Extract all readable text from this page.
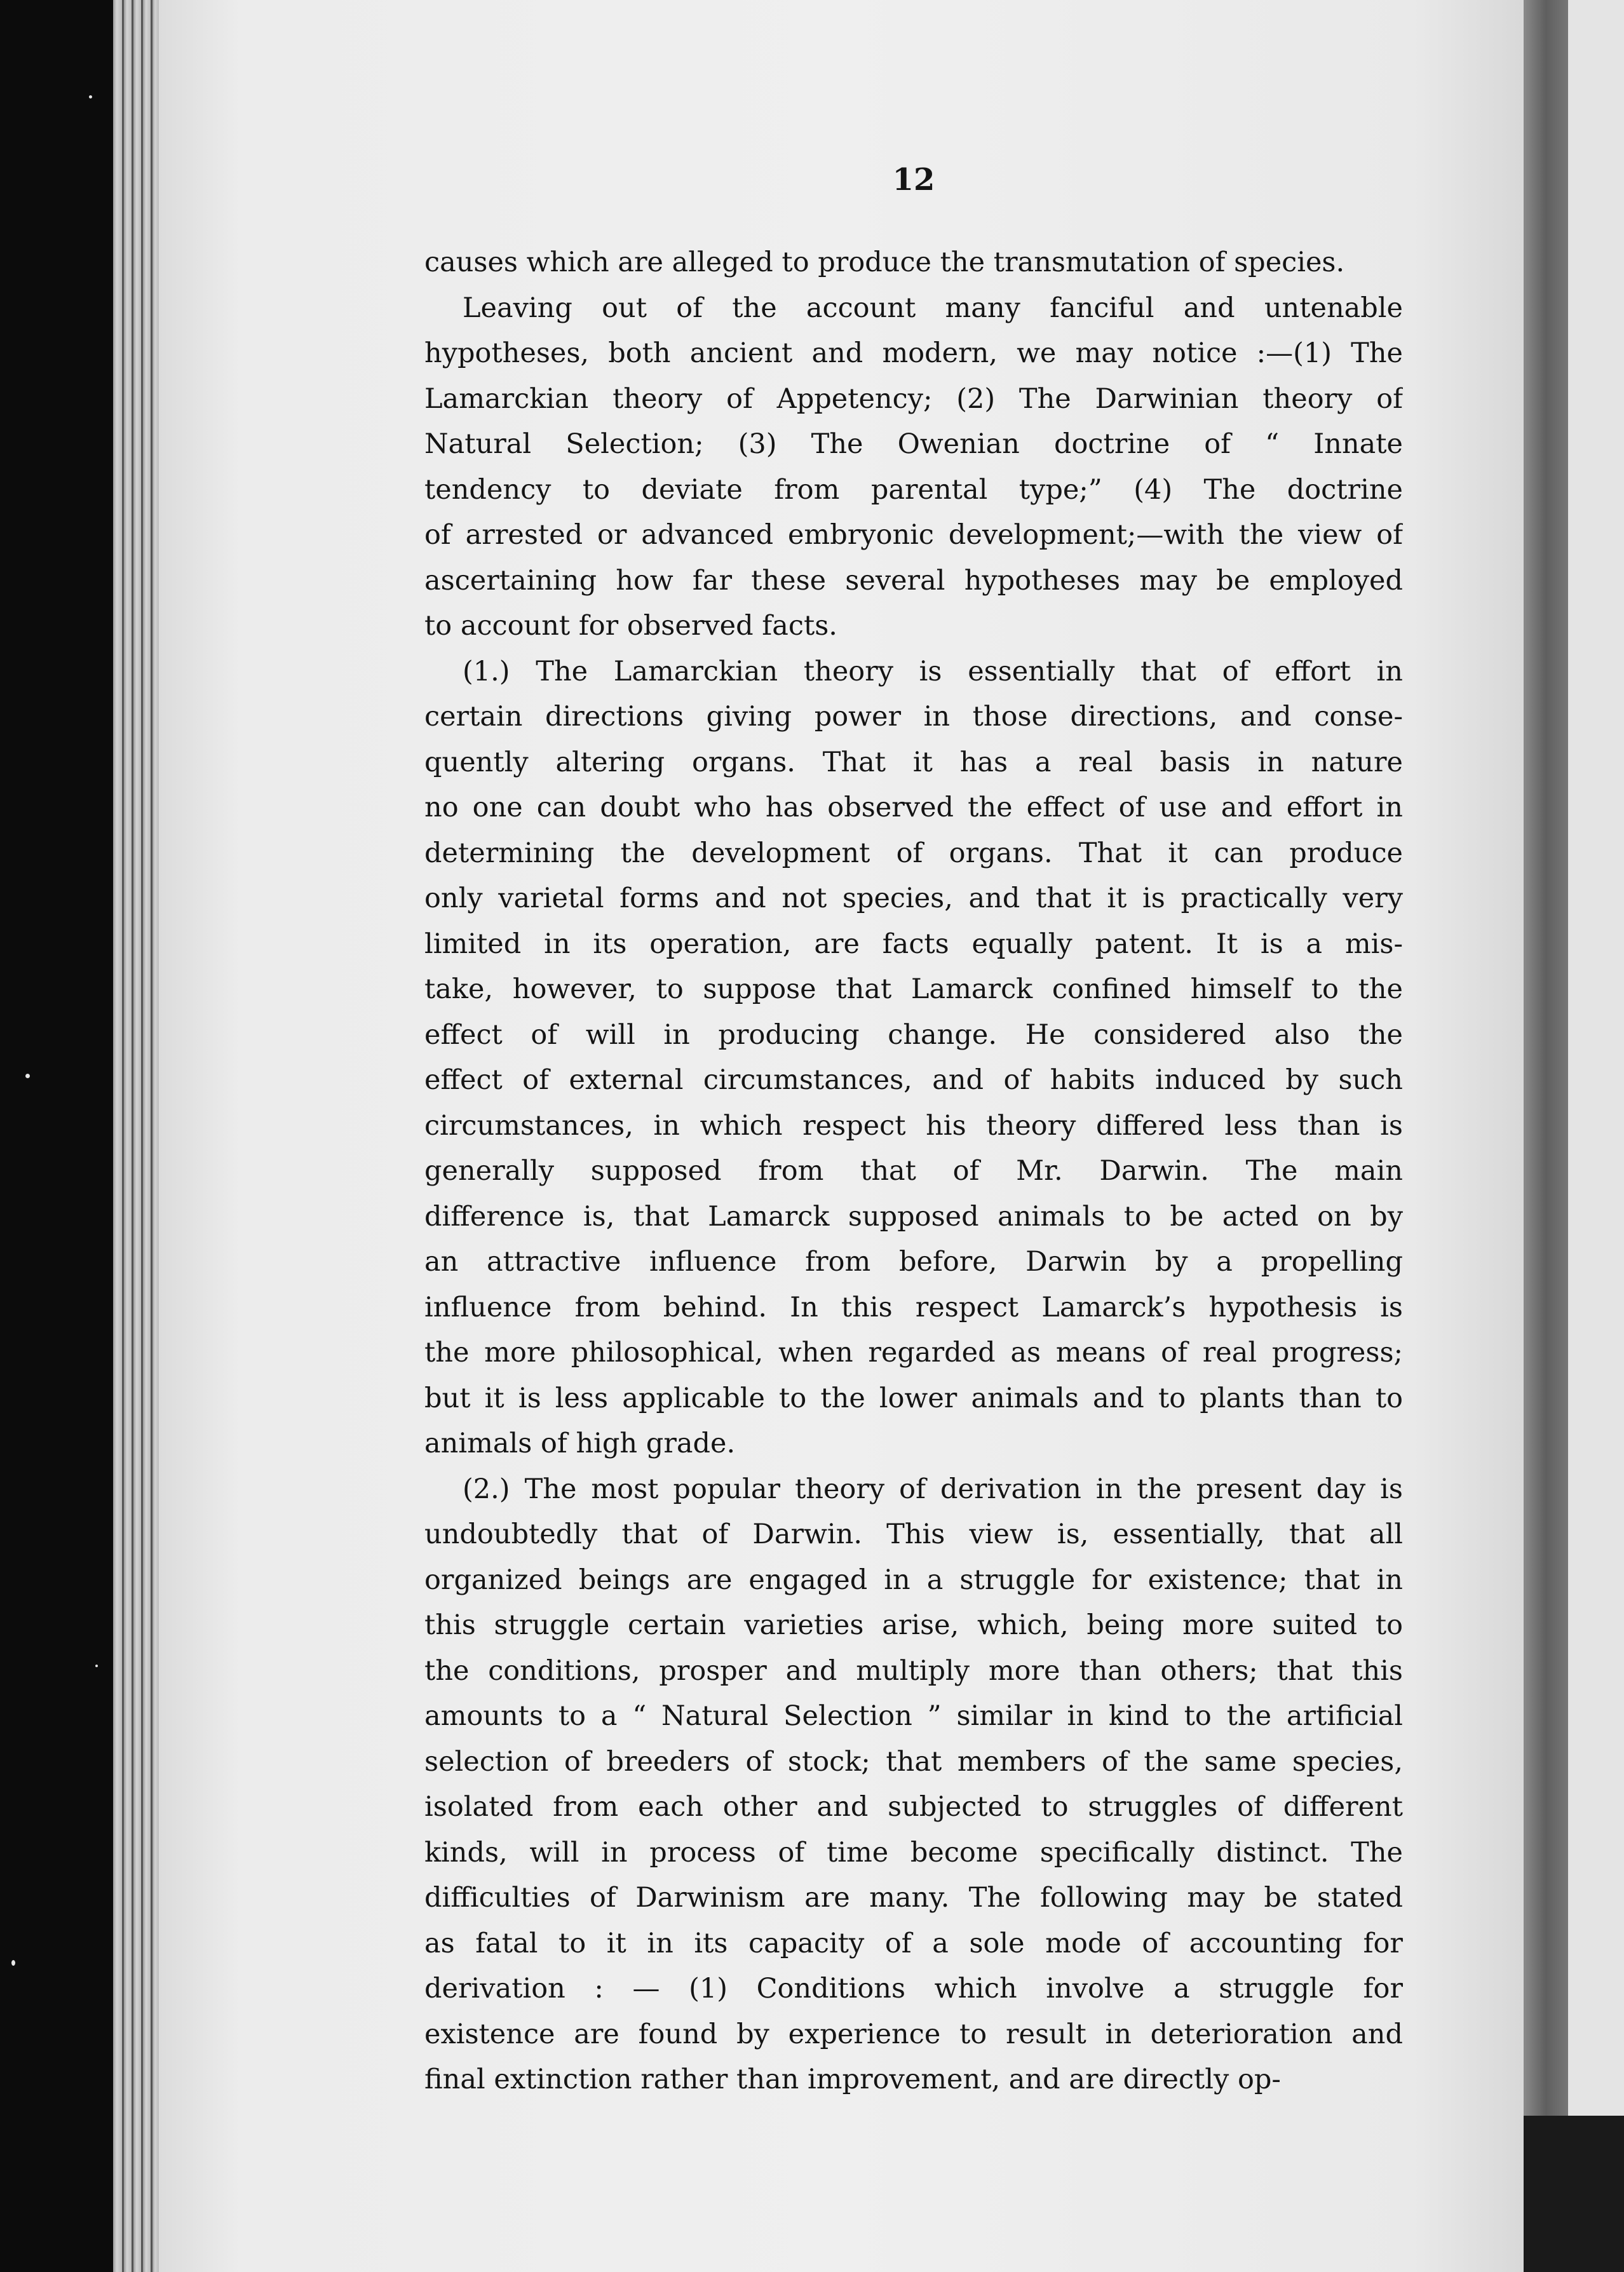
12
causes which are alleged to produce the transmutation of species.
Leaving out of the account many fanciful and untenable
hypotheses, both ancient and modern, we may notice :—(1) The
Lamarckian theory of Appetency; (2) The Darwinian theory of
Natural Selection; (3) The Owenian doctrine of “ Innate
tendency to deviate from parental type;” (4) The doctrine
of arrested or advanced embryonic development;—with the view of
ascertaining how far these several hypotheses may be employed
to account for observed facts.
(1.) The Lamarckian theory is essentially that of effort in
certain directions giving power in those directions, and conse-
quently altering organs. That it has a real basis in nature
no one can doubt who has observed the effect of use and effort in
determining the development of organs. That it can produce
only varietal forms and not species, and that it is practically very
limited in its operation, are facts equally patent. It is a mis-
take, however, to suppose that Lamarck confined himself to the
effect of will in producing change. He considered also the
effect of external circumstances, and of habits induced by such
circumstances, in which respect his theory differed less than is
generally supposed from that of Mr. Darwin. The main
difference is, that Lamarck supposed animals to be acted on by
an attractive influence from before, Darwin by a propelling
influence from behind. In this respect Lamarck’s hypothesis is
the more philosophical, when regarded as means of real progress;
but it is less applicable to the lower animals and to plants than to
animals of high grade.
(2.) The most popular theory of derivation in the present day is
undoubtedly that of Darwin. This view is, essentially, that all
organized beings are engaged in a struggle for existence; that in
this struggle certain varieties arise, which, being more suited to
the conditions, prosper and multiply more than others; that this
amounts to a “ Natural Selection ” similar in kind to the artificial
selection of breeders of stock; that members of the same species,
isolated from each other and subjected to struggles of different
kinds, will in process of time become specifically distinct. The
difficulties of Darwinism are many. The following may be stated
as fatal to it in its capacity of a sole mode of accounting for
derivation : — (1) Conditions which involve a struggle for
existence are found by experience to result in deterioration and
final extinction rather than improvement, and are directly op-
